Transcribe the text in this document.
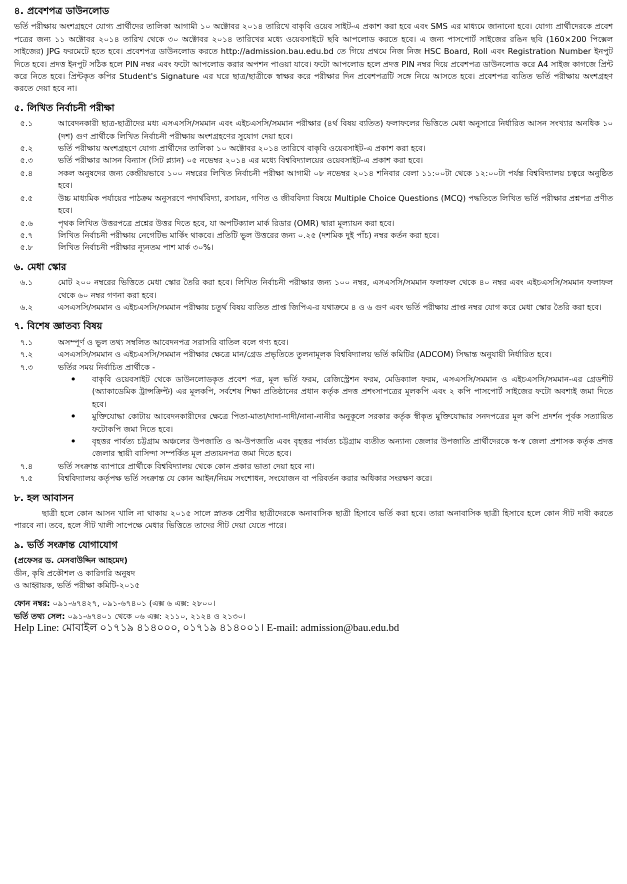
৪. প্রবেশপত্র ডাউনলোড
ভর্তি পরীক্ষায় অংশগ্রহণে যোগ্য প্রার্থীদের তালিকা আগামী ১০ অক্টোবর ২০১৪ তারিখে বাকৃবি ওয়েব সাইট-এ প্রকাশ করা হবে এবং SMS এর মাধ্যমে জানানো হবে। যোগ্য প্রার্থীদেরকে প্রবেশ পত্রের জন্য ১১ অক্টোবর ২০১৪ তারিখ থেকে ৩০ অক্টোবর ২০১৪ তারিখের মধ্যে ওয়েবসাইটে ছবি আপলোড করতে হবে। এ জন্য পাসপোর্ট সাইজের রঙিন ছবি (160×200 পিক্সেল সাইজের) JPG ফরমেটে হতে হবে। প্রবেশপত্র ডাউনলোড করতে http://admission.bau.edu.bd তে গিয়ে প্রথমে নিজ নিজ HSC Board, Roll এবং Registration Number ইনপুট দিতে হবে। প্রদত্ত ইনপুট সঠিক হলে PIN নম্বর এবং ফটো আপলোড করার অপশন পাওয়া যাবে। ফটো আপলোড হলে প্রদত্ত PIN নম্বর দিয়ে প্রবেশপত্র ডাউনলোড করে A4 সাইজ কাগজে প্রিন্ট করে নিতে হবে। প্রিন্টকৃত কপির Student's Signature এর ঘরে ছাত্র/ছাত্রীকে স্বাক্ষর করে পরীক্ষার দিন প্রবেশপত্রটি সঙ্গে নিয়ে আসতে হবে। প্রবেশপত্র ব্যতিত ভর্তি পরীক্ষায় অংশগ্রহণ করতে দেয়া হবে না।
৫. লিখিত নির্বাচনী পরীক্ষা
৫.১	আবেদনকারী ছাত্র-ছাত্রীদের মধ্য এসএসসি/সমমান এবং এইচএসসি/সমমান পরীক্ষার (৪র্থ বিষয় ব্যতিত) ফলাফলের ভিত্তিতে মেধা অনুসারে নির্ধারিত আসন সংখ্যার অনধিক ১০ (দশ) গুণ প্রার্থীকে লিখিত নির্বাচনী পরীক্ষায় অংশগ্রহণের সুযোগ দেয়া হবে।
৫.২	ভর্তি পরীক্ষায় অংশগ্রহণে যোগ্য প্রার্থীদের তালিকা ১০ অক্টোবর ২০১৪ তারিখে বাকৃবি ওয়েবসাইট-এ প্রকাশ করা হবে।
৫.৩	ভর্তি পরীক্ষার আসন বিন্যাস (সিট প্ল্যান) ০৫ নভেম্বর ২০১৪ এর মধ্যে বিশ্ববিদ্যালয়ের ওয়েবসাইট-এ প্রকাশ করা হবে।
৫.৪	সকল অনুষদের জন্য কেন্দ্রীয়ভাবে ১০০ নম্বরের লিখিত নির্বাচনী পরীক্ষা আগামী ০৮ নভেম্বর ২০১৪ শনিবার বেলা ১১:০০টা থেকে ১২:০০টা পর্যন্ত বিশ্ববিদ্যালয় চত্বরে অনুষ্ঠিত হবে।
৫.৫	উচ্চ মাধ্যমিক পর্যায়ের পাঠক্রম অনুসরণে পদার্থবিদ্যা, রসায়ন, গণিত ও জীববিদ্যা বিষয়ে Multiple Choice Questions (MCQ) পদ্ধতিতে লিখিত ভর্তি পরীক্ষার প্রশ্নপত্র প্রণীত হবে।
৫.৬	পৃথক লিখিত উত্তরপত্রে প্রশ্নের উত্তর দিতে হবে, যা অপটিক্যাল মার্ক রিডার (OMR) দ্বারা মূল্যায়ন করা হবে।
৫.৭	লিখিত নির্বাচনী পরীক্ষায় নেগেটিভ মার্কিং থাকবে। প্রতিটি ভুল উত্তরের জন্য ০.২৫ (দশমিক দুই পাঁচ) নম্বর কর্তন করা হবে।
৫.৮	লিখিত নির্বাচনী পরীক্ষার ন্যূনতম পাশ মার্ক ৩০%।
৬. মেধা স্কোর
৬.১	মোট ২০০ নম্বরের ভিত্তিতে মেধা স্কোর তৈরি করা হবে। লিখিত নির্বাচনী পরীক্ষার জন্য ১০০ নম্বর, এসএসসি/সমমান ফলাফল থেকে ৪০ নম্বর এবং এইচএসসি/সমমান ফলাফল থেকে ৬০ নম্বর গণনা করা হবে।
৬.২	এসএসসি/সমমান ও এইচএসসি/সমমান পরীক্ষায় চতুর্থ বিষয় ব্যতিত প্রাপ্ত জিপিএ-র যথাক্রমে ৪ ও ৬ গুণ এবং ভর্তি পরীক্ষায় প্রাপ্ত নম্বর যোগ করে মেধা স্কোর তৈরি করা হবে।
৭. বিশেষ জ্ঞাতব্য বিষয়
৭.১	অসম্পূর্ণ ও ভুল তথ্য সম্বলিত আবেদনপত্র সরাসরি বাতিল বলে গণ্য হবে।
৭.২	এসএসসি/সমমান ও এইচএসসি/সমমান পরীক্ষার ক্ষেত্রে মান/গ্রেড প্রভৃতিতে তুলনামূলক বিশ্ববিদ্যালয় ভর্তি কমিটির (ADCOM) সিদ্ধান্ত অনুযায়ী নির্ধারিত হবে।
৭.৩	ভর্তির সময় নির্বাচিত প্রার্থীকে -
• বাকৃবি ওয়েবসাইট থেকে ডাউনলোডকৃত প্রবেশ পত্র, মূল ভর্তি ফরম, রেজিস্ট্রেশন ফরম, মেডিক্যাল ফরম, এসএসসি/সমমান ও এইচএসসি/সমমান-এর গ্রেডশীট (অ্যাকাডেমিক ট্রান্সক্রিপ্ট) এর মূলকপি, সর্বশেষ শিক্ষা প্রতিষ্ঠানের প্রধান কর্তৃক প্রদত্ত প্রশংসাপত্রের মূলকপি এবং ২ কপি পাসপোর্ট সাইজের ফটো অবশ্যই জমা দিতে হবে।
• মুক্তিযোদ্ধা কোটায় আবেদনকারীদের ক্ষেত্রে পিতা-মাতা/দাদা-দাদী/নানা-নানীর অনুকূলে সরকার কর্তৃক স্বীকৃত মুক্তিযোদ্ধার সনদপত্রের মূল কপি প্রদর্শন পূর্বক সত্যায়িত ফটোকপি জমা দিতে হবে।
• বৃহত্তর পার্বত্য চট্টগ্রাম অঞ্চলের উপজাতি ও অ-উপজাতি এবং বৃহত্তর পার্বত্য চট্টগ্রাম ব্যতীত অন্যান্য জেলার উপজাতি প্রার্থীদেরকে স্ব-স্ব জেলা প্রশাসক কর্তৃক প্রদত্ত জেলার স্থায়ী বাসিন্দা সম্পর্কিত মূল প্রত্যয়নপত্র জমা দিতে হবে।
৭.৪	ভর্তি সংক্রান্ত ব্যাপারে প্রার্থীকে বিশ্ববিদ্যালয় থেকে কোন প্রকার ভাতা দেয়া হবে না।
৭.৫	বিশ্ববিদ্যালয় কর্তৃপক্ষ ভর্তি সংক্রান্ত যে কোন আইন/নিয়ম সংশোধন, সংযোজন বা পরিবর্তন করার অধিকার সংরক্ষণ করে।
৮. হল আবাসন
ছাত্রী হলে কোন আসন খালি না থাকায় ২০১৫ সালে স্নাতক শ্রেণীর ছাত্রীদেরকে অনাবাসিক ছাত্রী হিসাবে ভর্তি করা হবে। তারা অনাবাসিক ছাত্রী হিসাবে হলে কোন সীট দাবী করতে পারবে না। তবে, হলে সীট খালী সাপেক্ষে মেধার ভিত্তিতে তাদের সীট দেয়া যেতে পারে।
৯. ভর্তি সংক্রান্ত যোগাযোগ
(প্রফেসর ড. মেসবাউদ্দিন আহমেদ)
ডীন, কৃষি প্রকৌশল ও কারিগরি অনুষদ
ও আহ্বায়ক, ভর্তি পরীক্ষা কমিটি-২০১৫
ফোন নম্বর: ০৯১-৬৭৪২৭, ০৯১-৬৭৪০১ (এক্স ৬ এক্স: ২৮০০।
ভর্তি তথ্য সেল: ০৯১-৬৭৪০১ থেকে ০৬ এক্স: ২১১০, ২১২৪ ও ২১৩০।
Help Line: মোবাইল ০১৭১৯ ৪১৪০০০, ০১৭১৯ ৪১৪০০১। E-mail: admission@bau.edu.bd
